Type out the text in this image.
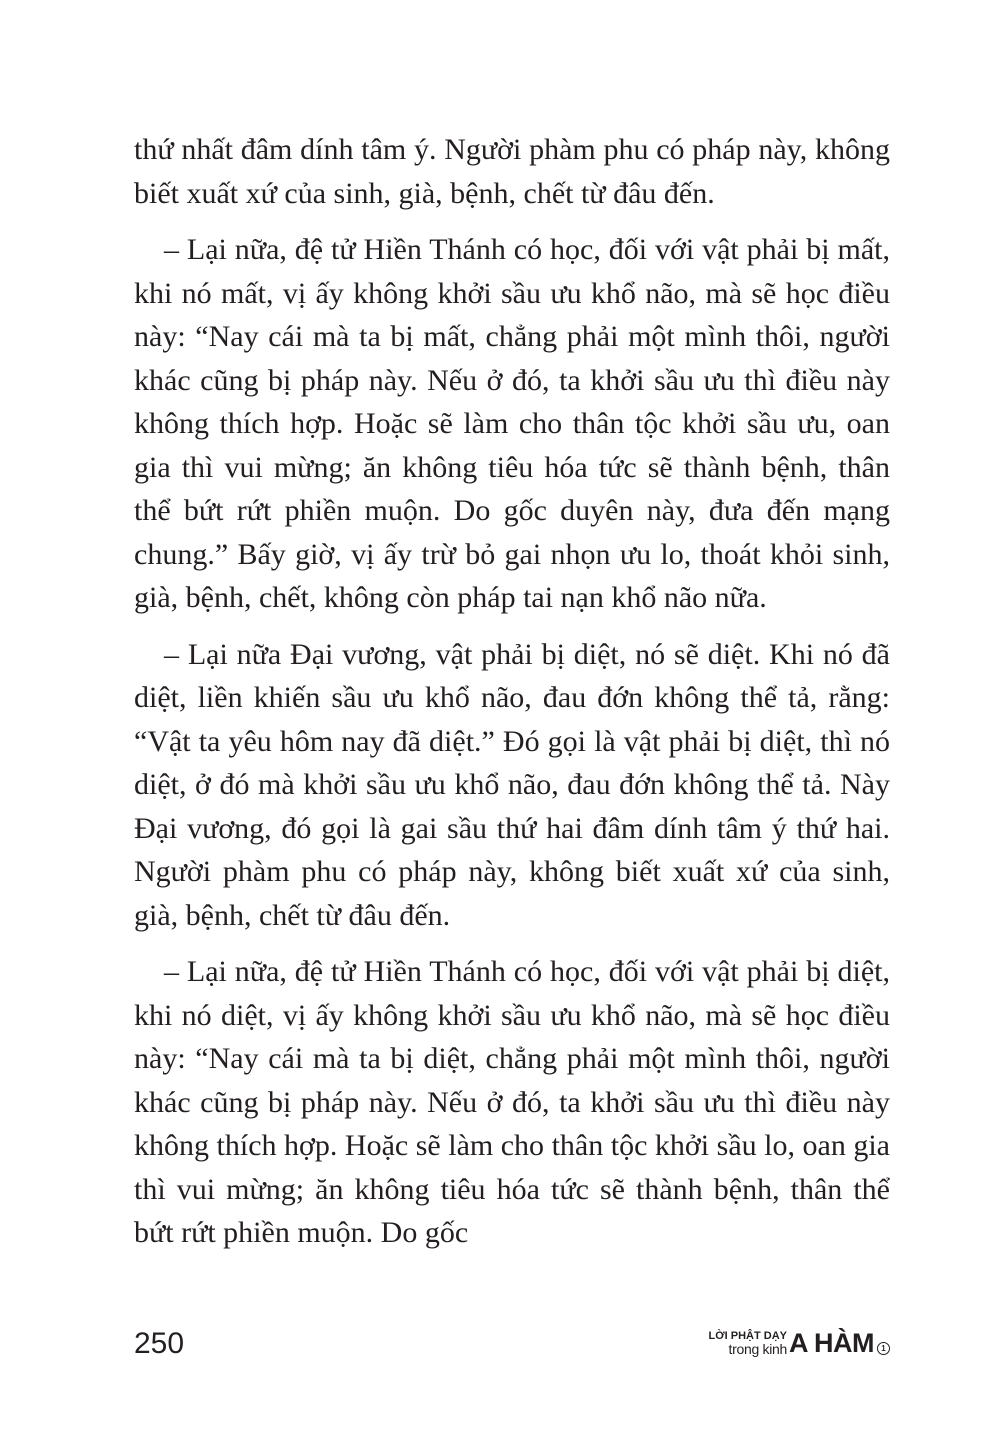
thứ nhất đâm dính tâm ý. Người phàm phu có pháp này, không biết xuất xứ của sinh, già, bệnh, chết từ đâu đến.

– Lại nữa, đệ tử Hiền Thánh có học, đối với vật phải bị mất, khi nó mất, vị ấy không khởi sầu ưu khổ não, mà sẽ học điều này: “Nay cái mà ta bị mất, chẳng phải một mình thôi, người khác cũng bị pháp này. Nếu ở đó, ta khởi sầu ưu thì điều này không thích hợp. Hoặc sẽ làm cho thân tộc khởi sầu ưu, oan gia thì vui mừng; ăn không tiêu hóa tức sẽ thành bệnh, thân thể bứt rứt phiền muộn. Do gốc duyên này, đưa đến mạng chung.” Bấy giờ, vị ấy trừ bỏ gai nhọn ưu lo, thoát khỏi sinh, già, bệnh, chết, không còn pháp tai nạn khổ não nữa.

– Lại nữa Đại vương, vật phải bị diệt, nó sẽ diệt. Khi nó đã diệt, liền khiến sầu ưu khổ não, đau đớn không thể tả, rằng: “Vật ta yêu hôm nay đã diệt.” Đó gọi là vật phải bị diệt, thì nó diệt, ở đó mà khởi sầu ưu khổ não, đau đớn không thể tả. Này Đại vương, đó gọi là gai sầu thứ hai đâm dính tâm ý thứ hai. Người phàm phu có pháp này, không biết xuất xứ của sinh, già, bệnh, chết từ đâu đến.

– Lại nữa, đệ tử Hiền Thánh có học, đối với vật phải bị diệt, khi nó diệt, vị ấy không khởi sầu ưu khổ não, mà sẽ học điều này: “Nay cái mà ta bị diệt, chẳng phải một mình thôi, người khác cũng bị pháp này. Nếu ở đó, ta khởi sầu ưu thì điều này không thích hợp. Hoặc sẽ làm cho thân tộc khởi sầu lo, oan gia thì vui mừng; ăn không tiêu hóa tức sẽ thành bệnh, thân thể bứt rứt phiền muộn. Do gốc

250	LỜI PHẬT DẠY
trong kinh A HÀM 1
